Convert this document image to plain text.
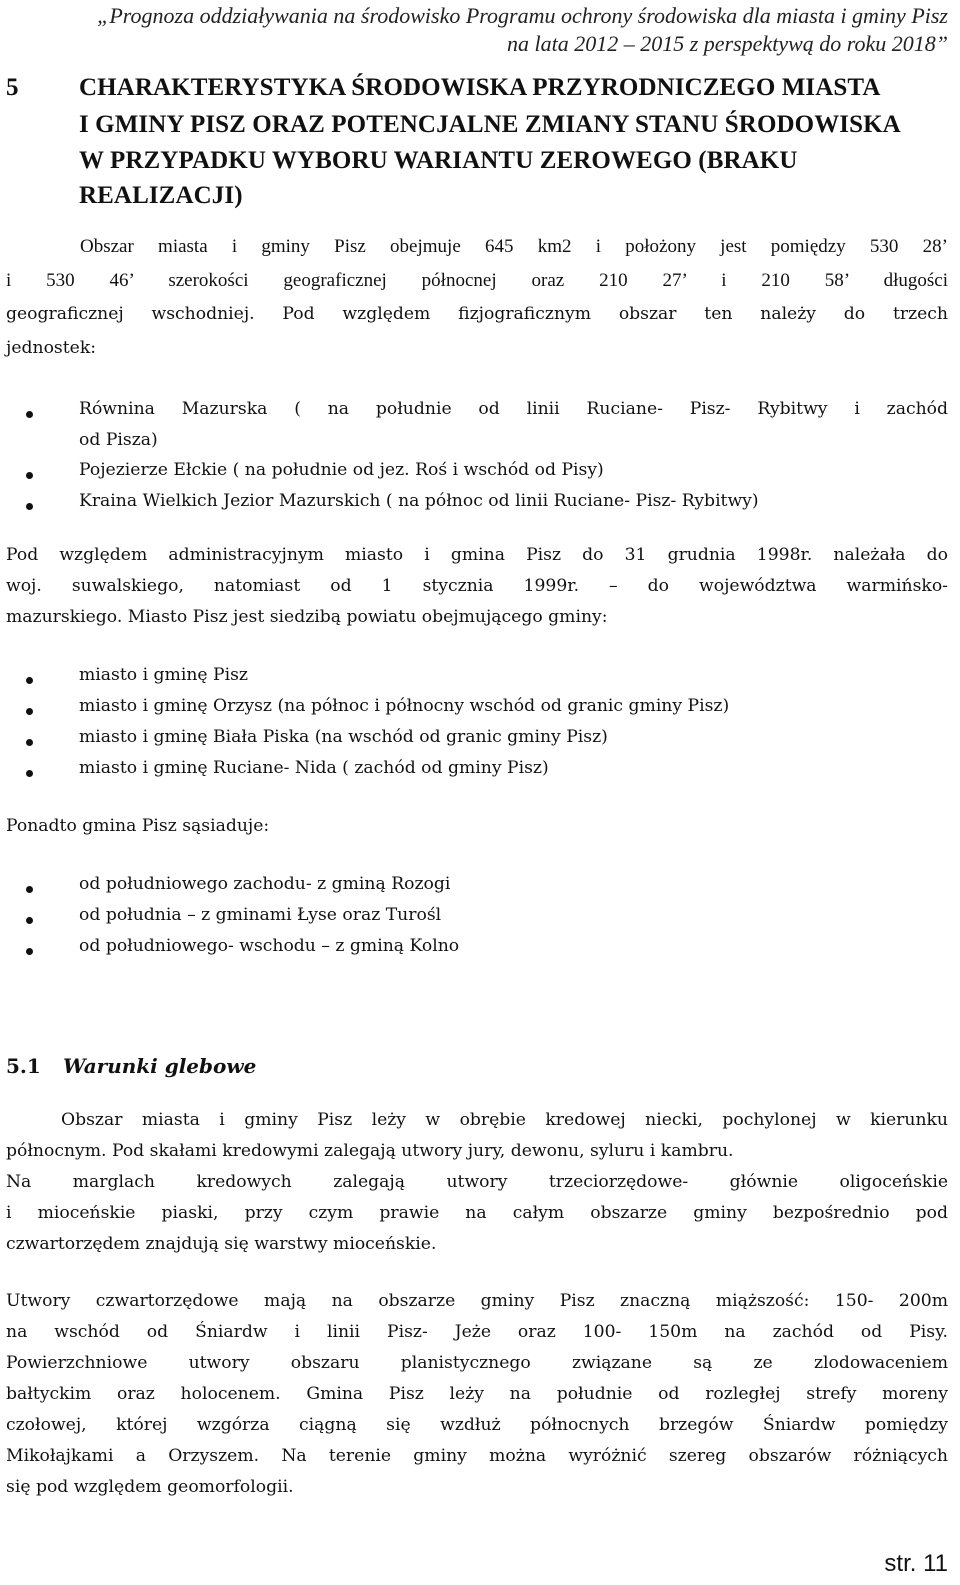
„Prognoza oddziaływania na środowisko Programu ochrony środowiska dla miasta i gminy Pisz
na lata 2012 – 2015 z perspektywą do roku 2018”
5 CHARAKTERYSTYKA ŚRODOWISKA PRZYRODNICZEGO MIASTA
I GMINY PISZ ORAZ POTENCJALNE ZMIANY STANU ŚRODOWISKA
W PRZYPADKU WYBORU WARIANTU ZEROWEGO (BRAKU
REALIZACJI)
Obszar miasta i gminy Pisz obejmuje 645 km2 i położony jest pomiędzy 530 28’
i 530 46’ szerokości geograficznej północnej oraz 210 27’ i 210 58’ długości
geograficznej wschodniej. Pod względem fizjograficznym obszar ten należy do trzech
jednostek:
Równina Mazurska ( na południe od linii Ruciane- Pisz- Rybitwy i zachód
od Pisza)
Pojezierze Ełckie ( na południe od jez. Roś i wschód od Pisy)
Kraina Wielkich Jezior Mazurskich ( na północ od linii Ruciane- Pisz- Rybitwy)
Pod względem administracyjnym miasto i gmina Pisz do 31 grudnia 1998r. należała do
woj. suwalskiego, natomiast od 1 stycznia 1999r. – do województwa warmińsko-
mazurskiego. Miasto Pisz jest siedzibą powiatu obejmującego gminy:
miasto i gminę Pisz
miasto i gminę Orzysz (na północ i północny wschód od granic gminy Pisz)
miasto i gminę Biała Piska (na wschód od granic gminy Pisz)
miasto i gminę Ruciane- Nida ( zachód od gminy Pisz)
Ponadto gmina Pisz sąsiaduje:
od południowego zachodu- z gminą Rozogi
od południa – z gminami Łyse oraz Turośl
od południowego- wschodu – z gminą Kolno
5.1 Warunki glebowe
Obszar miasta i gminy Pisz leży w obrębie kredowej niecki, pochylonej w kierunku
północnym. Pod skałami kredowymi zalegają utwory jury, dewonu, syluru i kambru.
Na marglach kredowych zalegają utwory trzeciorzędowe- głównie oligoceńskie
i mioceńskie piaski, przy czym prawie na całym obszarze gminy bezpośrednio pod
czwartorzędem znajdują się warstwy mioceńskie.
Utwory czwartorzędowe mają na obszarze gminy Pisz znaczną miąższość: 150- 200m
na wschód od Śniardw i linii Pisz- Jeże oraz 100- 150m na zachód od Pisy.
Powierzchniowe utwory obszaru planistycznego związane są ze zlodowaceniem
bałtyckim oraz holocenem. Gmina Pisz leży na południe od rozległej strefy moreny
czołowej, której wzgórza ciągną się wzdłuż północnych brzegów Śniardw pomiędzy
Mikołajkami a Orzyszem. Na terenie gminy można wyróżnić szereg obszarów różniących
się pod względem geomorfologii.
str. 11
